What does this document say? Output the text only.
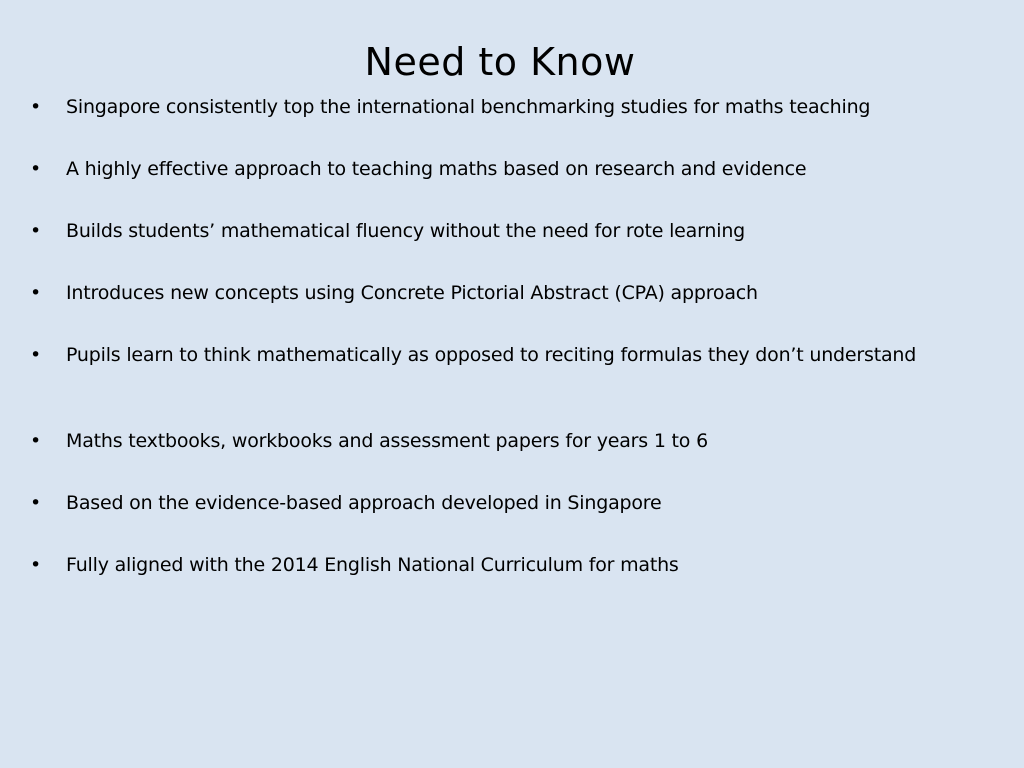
Need to Know
• Singapore consistently top the international benchmarking studies for maths teaching
• A highly effective approach to teaching maths based on research and evidence
• Builds students’ mathematical fluency without the need for rote learning
• Introduces new concepts using Concrete Pictorial Abstract (CPA) approach
• Pupils learn to think mathematically as opposed to reciting formulas they don’t understand
• Maths textbooks, workbooks and assessment papers for years 1 to 6
• Based on the evidence-based approach developed in Singapore
• Fully aligned with the 2014 English National Curriculum for maths
